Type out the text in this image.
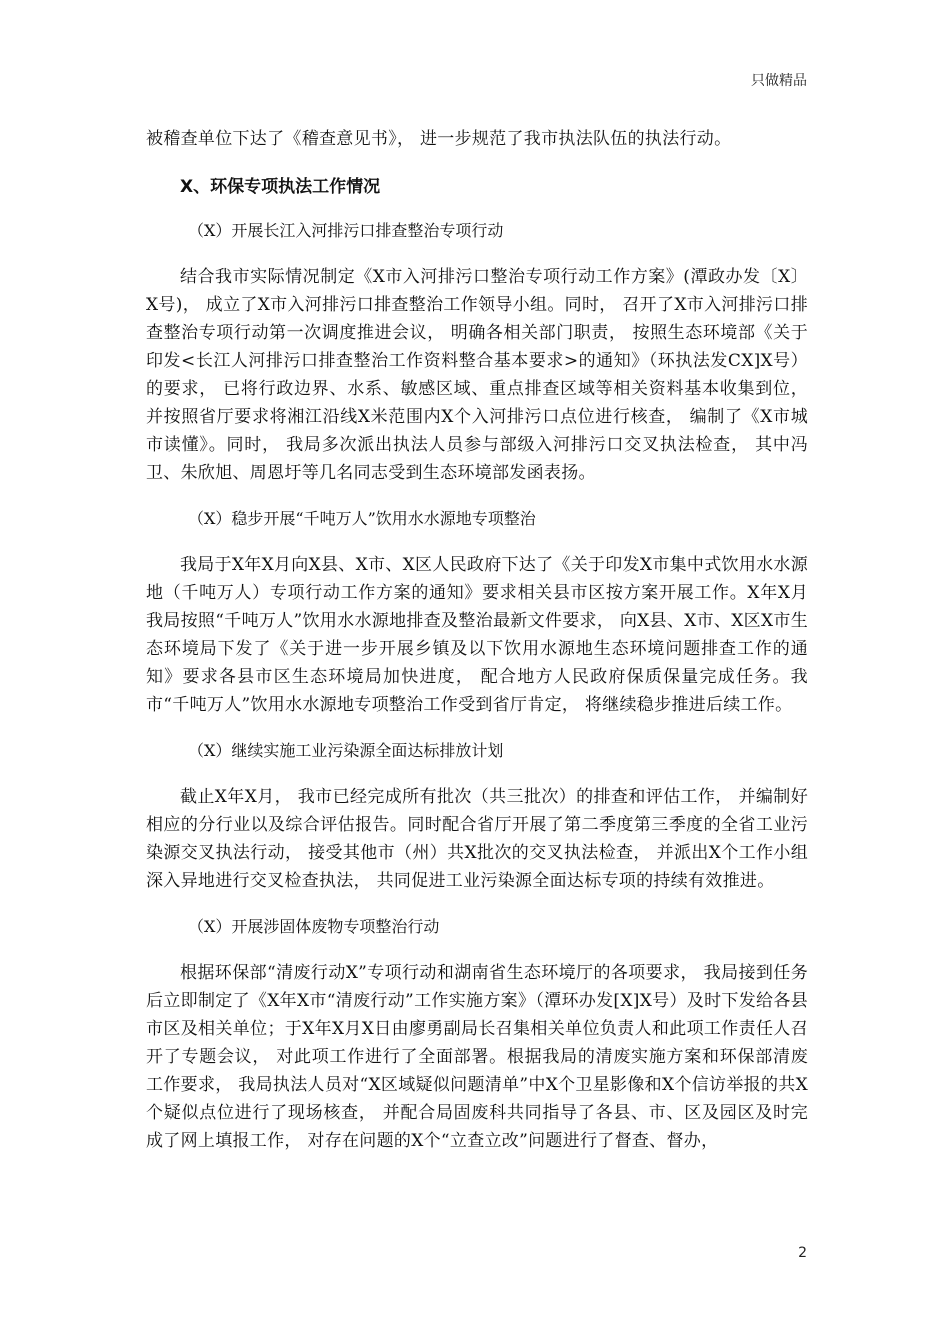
只做精品

被稽查单位下达了《稽查意见书》， 进一步规范了我市执法队伍的执法行动。

X、环保专项执法工作情况

（X）开展长江入河排污口排查整治专项行动

结合我市实际情况制定《X市入河排污口整治专项行动工作方案》(潭政办发〔X〕X号)， 成立了X市入河排污口排查整治工作领导小组。同时， 召开了X市入河排污口排查整治专项行动第一次调度推进会议， 明确各相关部门职责， 按照生态环境部《关于印发<长江人河排污口排查整治工作资料整合基本要求>的通知》（环执法发CX]X号）的要求， 已将行政边界、水系、敏感区域、重点排查区域等相关资料基本收集到位， 并按照省厅要求将湘江沿线X米范围内X个入河排污口点位进行核查， 编制了《X市城市读懂》。同时， 我局多次派出执法人员参与部级入河排污口交叉执法检查， 其中冯卫、朱欣旭、周恩圩等几名同志受到生态环境部发函表扬。

（X）稳步开展“千吨万人”饮用水水源地专项整治

我局于X年X月向X县、X市、X区人民政府下达了《关于印发X市集中式饮用水水源地（千吨万人）专项行动工作方案的通知》要求相关县市区按方案开展工作。X年X月我局按照“千吨万人”饮用水水源地排查及整治最新文件要求， 向X县、X市、X区X市生态环境局下发了《关于进一步开展乡镇及以下饮用水源地生态环境问题排查工作的通知》要求各县市区生态环境局加快进度， 配合地方人民政府保质保量完成任务。我市“千吨万人”饮用水水源地专项整治工作受到省厅肯定， 将继续稳步推进后续工作。

（X）继续实施工业污染源全面达标排放计划

截止X年X月， 我市已经完成所有批次（共三批次）的排查和评估工作， 并编制好相应的分行业以及综合评估报告。同时配合省厅开展了第二季度第三季度的全省工业污染源交叉执法行动， 接受其他市（州）共X批次的交叉执法检查， 并派出X个工作小组深入异地进行交叉检查执法， 共同促进工业污染源全面达标专项的持续有效推进。

（X）开展涉固体废物专项整治行动

根据环保部“清废行动X”专项行动和湖南省生态环境厅的各项要求， 我局接到任务后立即制定了《X年X市“清废行动”工作实施方案》（潭环办发[X]X号）及时下发给各县市区及相关单位；于X年X月X日由廖勇副局长召集相关单位负责人和此项工作责任人召开了专题会议， 对此项工作进行了全面部署。根据我局的清废实施方案和环保部清废工作要求， 我局执法人员对“X区域疑似问题清单”中X个卫星影像和X个信访举报的共X个疑似点位进行了现场核查， 并配合局固废科共同指导了各县、市、区及园区及时完成了网上填报工作， 对存在问题的X个“立查立改”问题进行了督查、督办，

2
